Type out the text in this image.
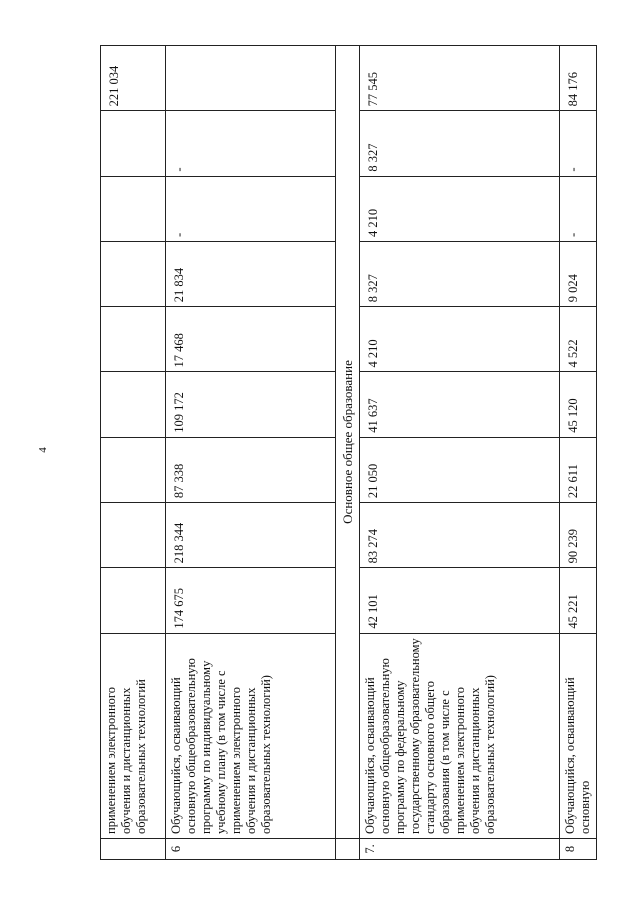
4
	применением электронного обучения и дистанционных образовательных технологий									221 034
6	Обучающийся, осваивающий основную общеобразовательную программу по индивидуальному учебному плану (в том числе с применением электронного обучения и дистанционных образовательных технологий)	174 675	218 344	87 338	109 172	17 468	21 834	-	-	
	Основное общее образование									
7.	Обучающийся, осваивающий основную общеобразовательную программу по федеральному государственному образовательному стандарту основного общего образования (в том числе с применением электронного обучения и дистанционных образовательных технологий)	42 101	83 274	21 050	41 637	4 210	8 327	4 210	8 327	77 545
8	Обучающийся, осваивающий основную	45 221	90 239	22 611	45 120	4 522	9 024	-	-	84 176
